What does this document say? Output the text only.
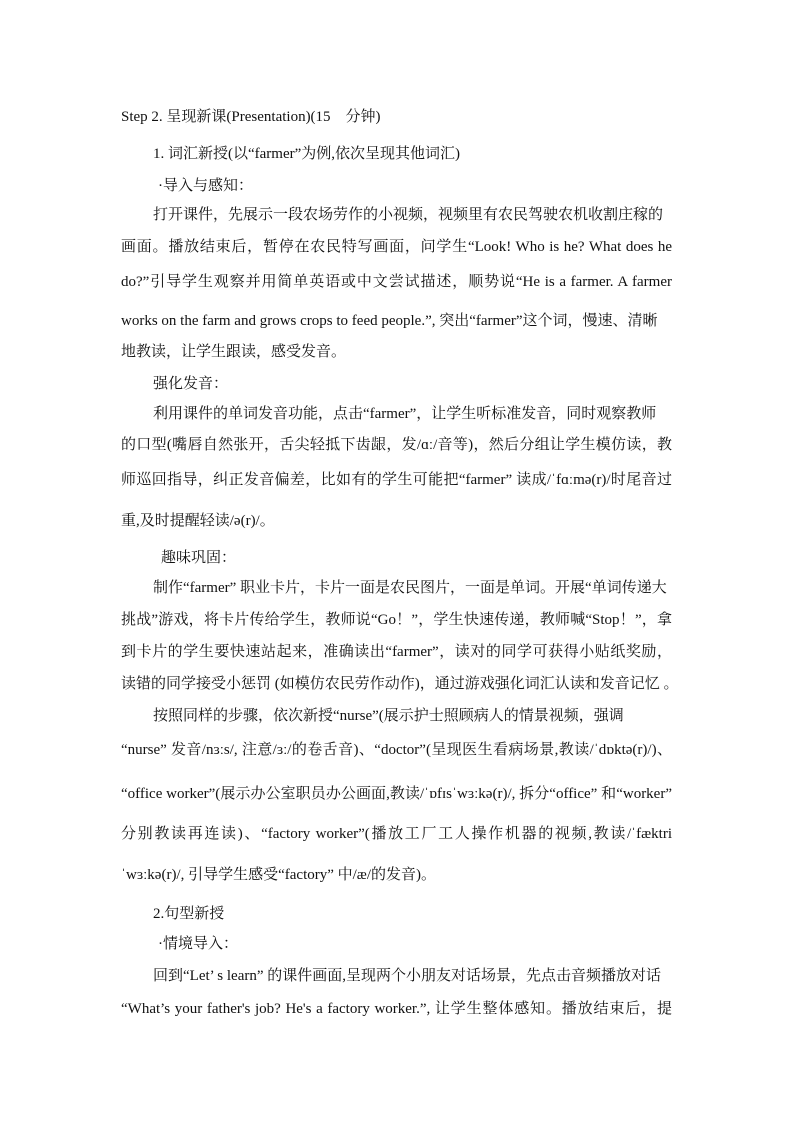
Step 2. 呈现新课(Presentation)(15　分钟)
1. 词汇新授(以“farmer”为例,依次呈现其他词汇)
·导入与感知：
打开课件，先展示一段农场劳作的小视频，视频里有农民驾驶农机收割庄稼的
画面。播放结束后，暂停在农民特写画面，问学生“Look! Who is he? What does he
do?”引导学生观察并用简单英语或中文尝试描述，顺势说“He is a farmer. A farmer
works on the farm and grows crops to feed people.”, 突出“farmer”这个词，慢速、清晰
地教读，让学生跟读，感受发音。
强化发音：
利用课件的单词发音功能，点击“farmer”，让学生听标准发音，同时观察教师
的口型(嘴唇自然张开，舌尖轻抵下齿龈，发/ɑː/音等)，然后分组让学生模仿读，教
师巡回指导，纠正发音偏差，比如有的学生可能把“farmer” 读成/ˈfɑːmə(r)/时尾音过
重,及时提醒轻读/ə(r)/。
趣味巩固：
制作“farmer” 职业卡片，卡片一面是农民图片，一面是单词。开展“单词传递大
挑战”游戏，将卡片传给学生，教师说“Go！”，学生快速传递，教师喊“Stop！”，拿
到卡片的学生要快速站起来，准确读出“farmer”，读对的同学可获得小贴纸奖励，
读错的同学接受小惩罚 (如模仿农民劳作动作)，通过游戏强化词汇认读和发音记忆 。
按照同样的步骤，依次新授“nurse”(展示护士照顾病人的情景视频，强调
“nurse” 发音/nɜːs/, 注意/ɜː/的卷舌音)、“doctor”(呈现医生看病场景,教读/ˈdɒktə(r)/)、
“office worker”(展示办公室职员办公画面,教读/ˈɒfɪsˈwɜːkə(r)/, 拆分“office” 和“worker”
分别教读再连读)、“factory worker”(播放工厂工人操作机器的视频,教读/ˈfæktri
ˈwɜːkə(r)/, 引导学生感受“factory” 中/æ/的发音)。
2.句型新授
·情境导入：
回到“Let’ s learn” 的课件画面,呈现两个小朋友对话场景，先点击音频播放对话
“What’s your father's job? He's a factory worker.”, 让学生整体感知。播放结束后，提
